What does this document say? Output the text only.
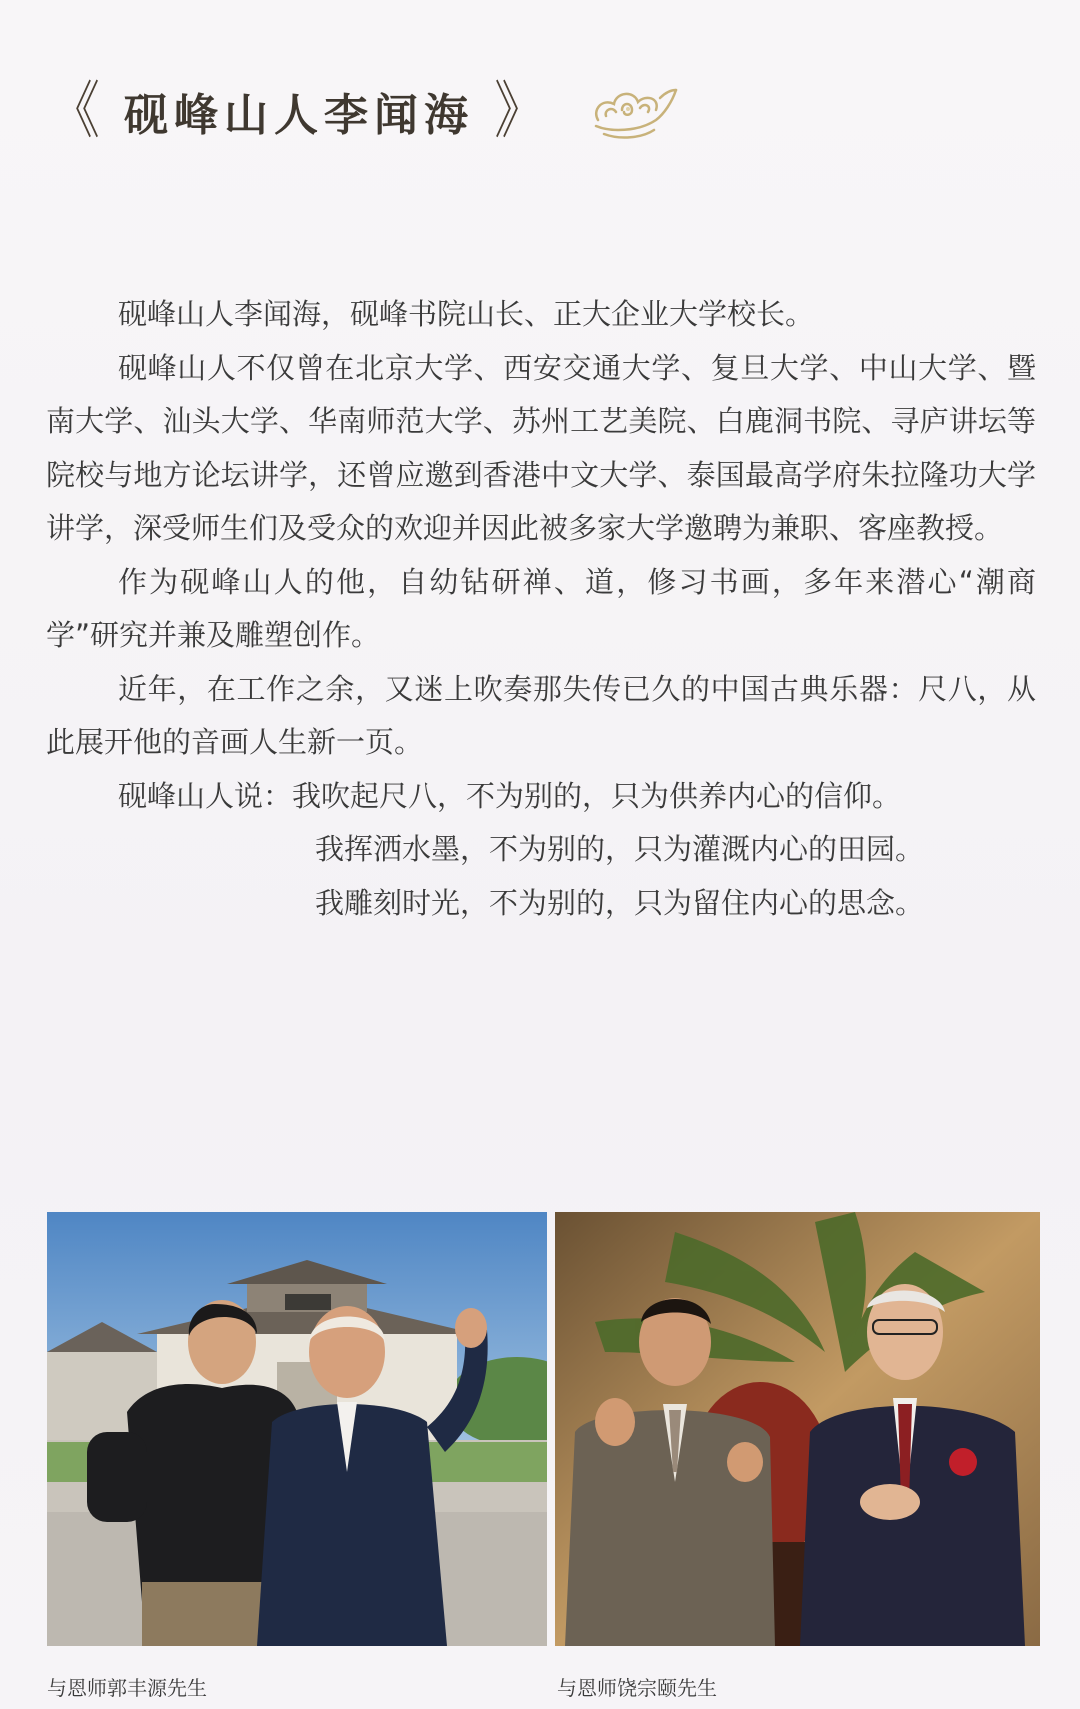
《 砚峰山人李闻海 》

砚峰山人李闻海，砚峰书院山长、正大企业大学校长。

砚峰山人不仅曾在北京大学、西安交通大学、复旦大学、中山大学、暨南大学、汕头大学、华南师范大学、苏州工艺美院、白鹿洞书院、寻庐讲坛等院校与地方论坛讲学，还曾应邀到香港中文大学、泰国最高学府朱拉隆功大学讲学，深受师生们及受众的欢迎并因此被多家大学邀聘为兼职、客座教授。

作为砚峰山人的他，自幼钻研禅、道，修习书画，多年来潜心“潮商学”研究并兼及雕塑创作。

近年，在工作之余，又迷上吹奏那失传已久的中国古典乐器：尺八，从此展开他的音画人生新一页。

砚峰山人说：我吹起尺八，不为别的，只为供养内心的信仰。
我挥洒水墨，不为别的，只为灌溉内心的田园。
我雕刻时光，不为别的，只为留住内心的思念。
与恩师郭丰源先生	与恩师饶宗颐先生
